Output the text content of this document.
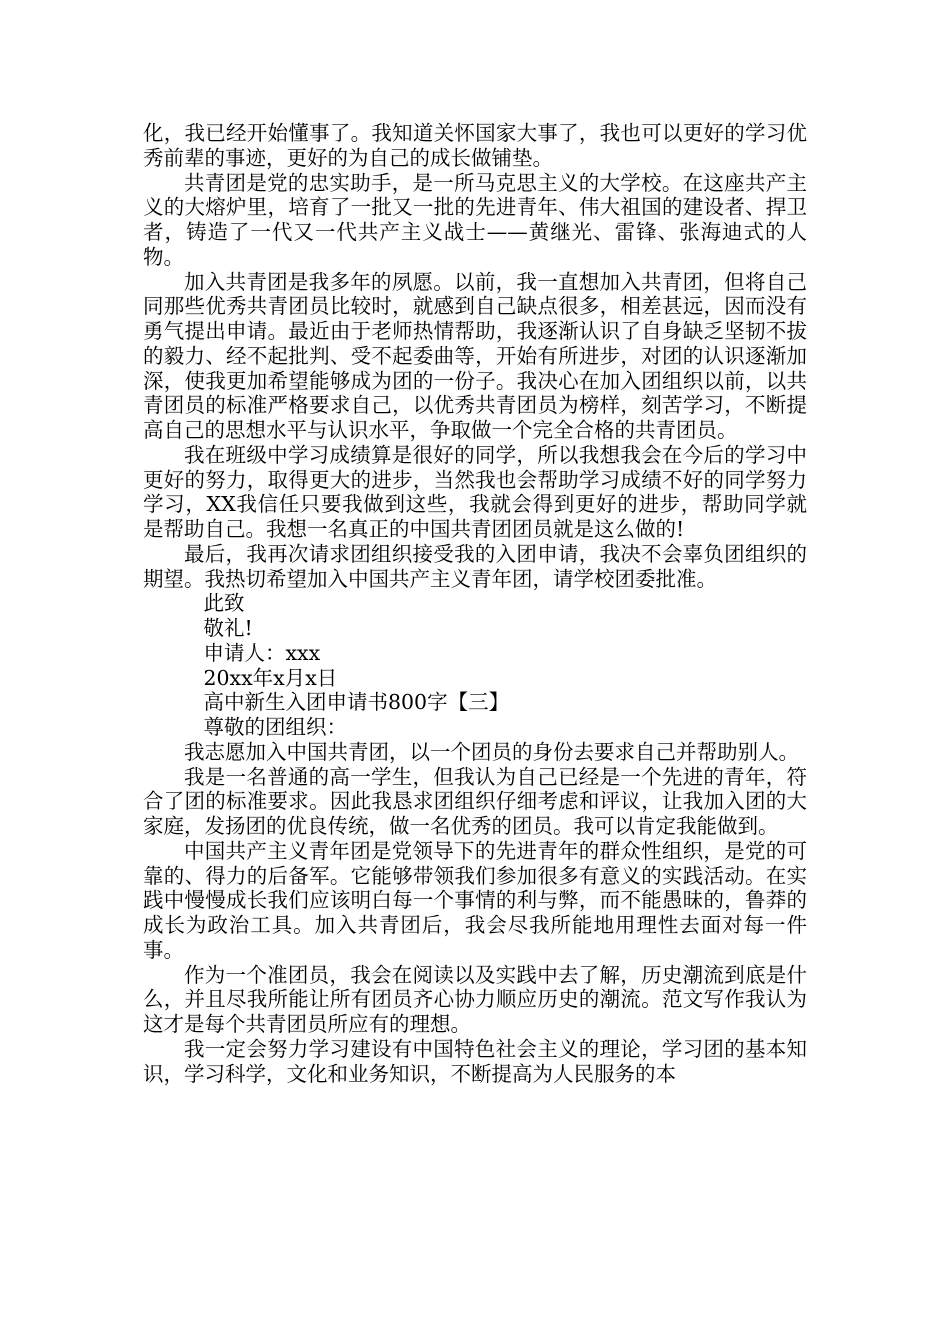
化，我已经开始懂事了。我知道关怀国家大事了，我也可以更好的学习优秀前辈的事迹，更好的为自己的成长做铺垫。

共青团是党的忠实助手，是一所马克思主义的大学校。在这座共产主义的大熔炉里，培育了一批又一批的先进青年、伟大祖国的建设者、捍卫者，铸造了一代又一代共产主义战士——黄继光、雷锋、张海迪式的人物。

加入共青团是我多年的夙愿。以前，我一直想加入共青团，但将自己同那些优秀共青团员比较时，就感到自己缺点很多，相差甚远，因而没有勇气提出申请。最近由于老师热情帮助，我逐渐认识了自身缺乏坚韧不拔的毅力、经不起批判、受不起委曲等，开始有所进步，对团的认识逐渐加深，使我更加希望能够成为团的一份子。我决心在加入团组织以前，以共青团员的标准严格要求自己，以优秀共青团员为榜样，刻苦学习，不断提高自己的思想水平与认识水平，争取做一个完全合格的共青团员。

我在班级中学习成绩算是很好的同学，所以我想我会在今后的学习中更好的努力，取得更大的进步，当然我也会帮助学习成绩不好的同学努力学习，XX我信任只要我做到这些，我就会得到更好的进步，帮助同学就是帮助自己。我想一名真正的中国共青团团员就是这么做的!

最后，我再次请求团组织接受我的入团申请，我决不会辜负团组织的期望。我热切希望加入中国共产主义青年团，请学校团委批准。

此致

敬礼!

申请人：xxx

20xx年x月x日

高中新生入团申请书800字【三】

尊敬的团组织：

我志愿加入中国共青团，以一个团员的身份去要求自己并帮助别人。

我是一名普通的高一学生，但我认为自己已经是一个先进的青年，符合了团的标准要求。因此我恳求团组织仔细考虑和评议，让我加入团的大家庭，发扬团的优良传统，做一名优秀的团员。我可以肯定我能做到。

中国共产主义青年团是党领导下的先进青年的群众性组织，是党的可靠的、得力的后备军。它能够带领我们参加很多有意义的实践活动。在实践中慢慢成长我们应该明白每一个事情的利与弊，而不能愚昧的，鲁莽的成长为政治工具。加入共青团后，我会尽我所能地用理性去面对每一件事。

作为一个准团员，我会在阅读以及实践中去了解，历史潮流到底是什么，并且尽我所能让所有团员齐心协力顺应历史的潮流。范文写作我认为这才是每个共青团员所应有的理想。

我一定会努力学习建设有中国特色社会主义的理论，学习团的基本知识，学习科学，文化和业务知识，不断提高为人民服务的本
